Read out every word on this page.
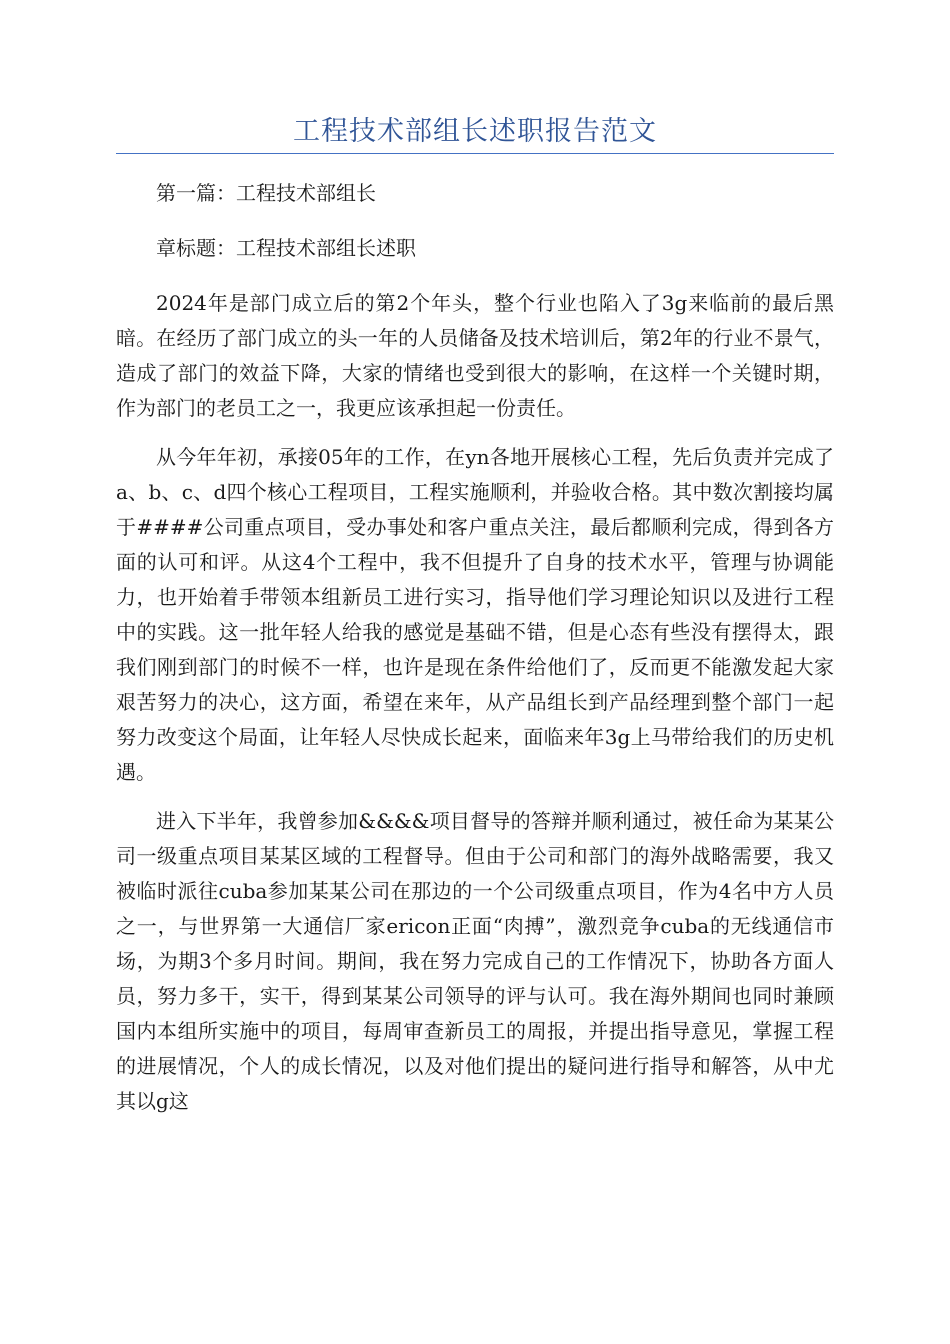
工程技术部组长述职报告范文

第一篇：工程技术部组长

章标题：工程技术部组长述职

2024年是部门成立后的第2个年头，整个行业也陷入了3g来临前的最后黑暗。在经历了部门成立的头一年的人员储备及技术培训后，第2年的行业不景气，造成了部门的效益下降，大家的情绪也受到很大的影响，在这样一个关键时期，作为部门的老员工之一，我更应该承担起一份责任。

从今年年初，承接05年的工作，在yn各地开展核心工程，先后负责并完成了a、b、c、d四个核心工程项目，工程实施顺利，并验收合格。其中数次割接均属于####公司重点项目，受办事处和客户重点关注，最后都顺利完成，得到各方面的认可和评。从这4个工程中，我不但提升了自身的技术水平，管理与协调能力，也开始着手带领本组新员工进行实习，指导他们学习理论知识以及进行工程中的实践。这一批年轻人给我的感觉是基础不错，但是心态有些没有摆得太，跟我们刚到部门的时候不一样，也许是现在条件给他们了，反而更不能激发起大家艰苦努力的决心，这方面，希望在来年，从产品组长到产品经理到整个部门一起努力改变这个局面，让年轻人尽快成长起来，面临来年3g上马带给我们的历史机遇。

进入下半年，我曾参加&&&&项目督导的答辩并顺利通过，被任命为某某公司一级重点项目某某区域的工程督导。但由于公司和部门的海外战略需要，我又被临时派往cuba参加某某公司在那边的一个公司级重点项目，作为4名中方人员之一，与世界第一大通信厂家ericon正面“肉搏”，激烈竞争cuba的无线通信市场，为期3个多月时间。期间，我在努力完成自己的工作情况下，协助各方面人员，努力多干，实干，得到某某公司领导的评与认可。我在海外期间也同时兼顾国内本组所实施中的项目，每周审查新员工的周报，并提出指导意见，掌握工程的进展情况，个人的成长情况，以及对他们提出的疑问进行指导和解答，从中尤其以g这
